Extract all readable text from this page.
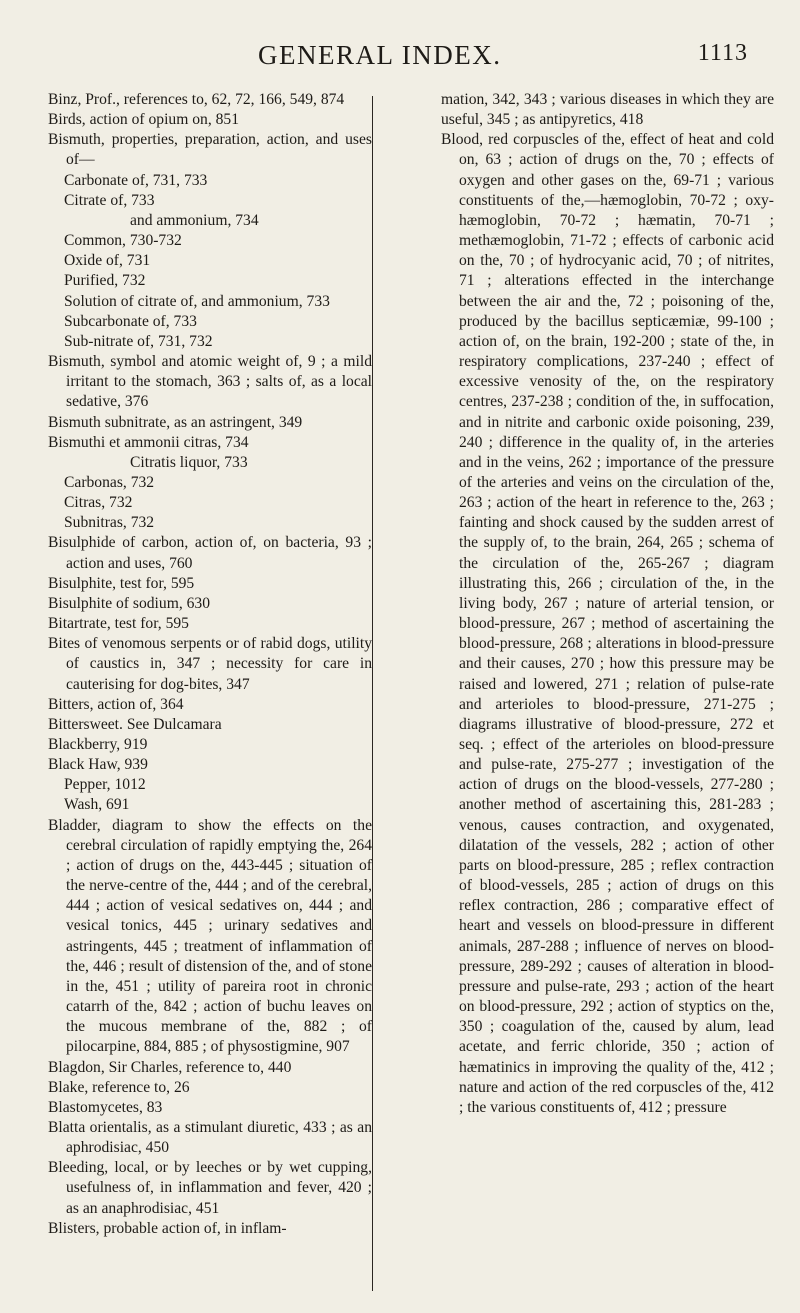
GENERAL INDEX.	1113

Binz, Prof., references to, 62, 72, 166, 549, 874

Birds, action of opium on, 851

Bismuth, properties, preparation, action, and uses of—

Carbonate of, 731, 733

Citrate of, 733

and ammonium, 734

Common, 730-732

Oxide of, 731

Purified, 732

Solution of citrate of, and ammonium, 733

Subcarbonate of, 733

Sub-nitrate of, 731, 732

Bismuth, symbol and atomic weight of, 9 ; a mild irritant to the stomach, 363 ; salts of, as a local sedative, 376

Bismuth subnitrate, as an astringent, 349

Bismuthi et ammonii citras, 734

Citratis liquor, 733

Carbonas, 732

Citras, 732

Subnitras, 732

Bisulphide of carbon, action of, on bacteria, 93 ; action and uses, 760

Bisulphite, test for, 595

Bisulphite of sodium, 630

Bitartrate, test for, 595

Bites of venomous serpents or of rabid dogs, utility of caustics in, 347 ; necessity for care in cauterising for dog-bites, 347

Bitters, action of, 364

Bittersweet. See Dulcamara

Blackberry, 919

Black Haw, 939

Pepper, 1012

Wash, 691

Bladder, diagram to show the effects on the cerebral circulation of rapidly emptying the, 264 ; action of drugs on the, 443-445 ; situation of the nerve-centre of the, 444 ; and of the cerebral, 444 ; action of vesical sedatives on, 444 ; and vesical tonics, 445 ; urinary sedatives and astringents, 445 ; treatment of inflammation of the, 446 ; result of distension of the, and of stone in the, 451 ; utility of pareira root in chronic catarrh of the, 842 ; action of buchu leaves on the mucous membrane of the, 882 ; of pilocarpine, 884, 885 ; of physostigmine, 907

Blagdon, Sir Charles, reference to, 440

Blake, reference to, 26

Blastomycetes, 83

Blatta orientalis, as a stimulant diuretic, 433 ; as an aphrodisiac, 450

Bleeding, local, or by leeches or by wet cupping, usefulness of, in inflammation and fever, 420 ; as an anaphrodisiac, 451

Blisters, probable action of, in inflam-

mation, 342, 343 ; various diseases in which they are useful, 345 ; as antipyretics, 418

Blood, red corpuscles of the, effect of heat and cold on, 63 ; action of drugs on the, 70 ; effects of oxygen and other gases on the, 69-71 ; various constituents of the,—hæmoglobin, 70-72 ; oxy-hæmoglobin, 70-72 ; hæmatin, 70-71 ; methæmoglobin, 71-72 ; effects of carbonic acid on the, 70 ; of hydrocyanic acid, 70 ; of nitrites, 71 ; alterations effected in the interchange between the air and the, 72 ; poisoning of the, produced by the bacillus septicæmiæ, 99-100 ; action of, on the brain, 192-200 ; state of the, in respiratory complications, 237-240 ; effect of excessive venosity of the, on the respiratory centres, 237-238 ; condition of the, in suffocation, and in nitrite and carbonic oxide poisoning, 239, 240 ; difference in the quality of, in the arteries and in the veins, 262 ; importance of the pressure of the arteries and veins on the circulation of the, 263 ; action of the heart in reference to the, 263 ; fainting and shock caused by the sudden arrest of the supply of, to the brain, 264, 265 ; schema of the circulation of the, 265-267 ; diagram illustrating this, 266 ; circulation of the, in the living body, 267 ; nature of arterial tension, or blood-pressure, 267 ; method of ascertaining the blood-pressure, 268 ; alterations in blood-pressure and their causes, 270 ; how this pressure may be raised and lowered, 271 ; relation of pulse-rate and arterioles to blood-pressure, 271-275 ; diagrams illustrative of blood-pressure, 272 et seq. ; effect of the arterioles on blood-pressure and pulse-rate, 275-277 ; investigation of the action of drugs on the blood-vessels, 277-280 ; another method of ascertaining this, 281-283 ; venous, causes contraction, and oxygenated, dilatation of the vessels, 282 ; action of other parts on blood-pressure, 285 ; reflex contraction of blood-vessels, 285 ; action of drugs on this reflex contraction, 286 ; comparative effect of heart and vessels on blood-pressure in different animals, 287-288 ; influence of nerves on blood-pressure, 289-292 ; causes of alteration in blood-pressure and pulse-rate, 293 ; action of the heart on blood-pressure, 292 ; action of styptics on the, 350 ; coagulation of the, caused by alum, lead acetate, and ferric chloride, 350 ; action of hæmatinics in improving the quality of the, 412 ; nature and action of the red corpuscles of the, 412 ; the various constituents of, 412 ; pressure
